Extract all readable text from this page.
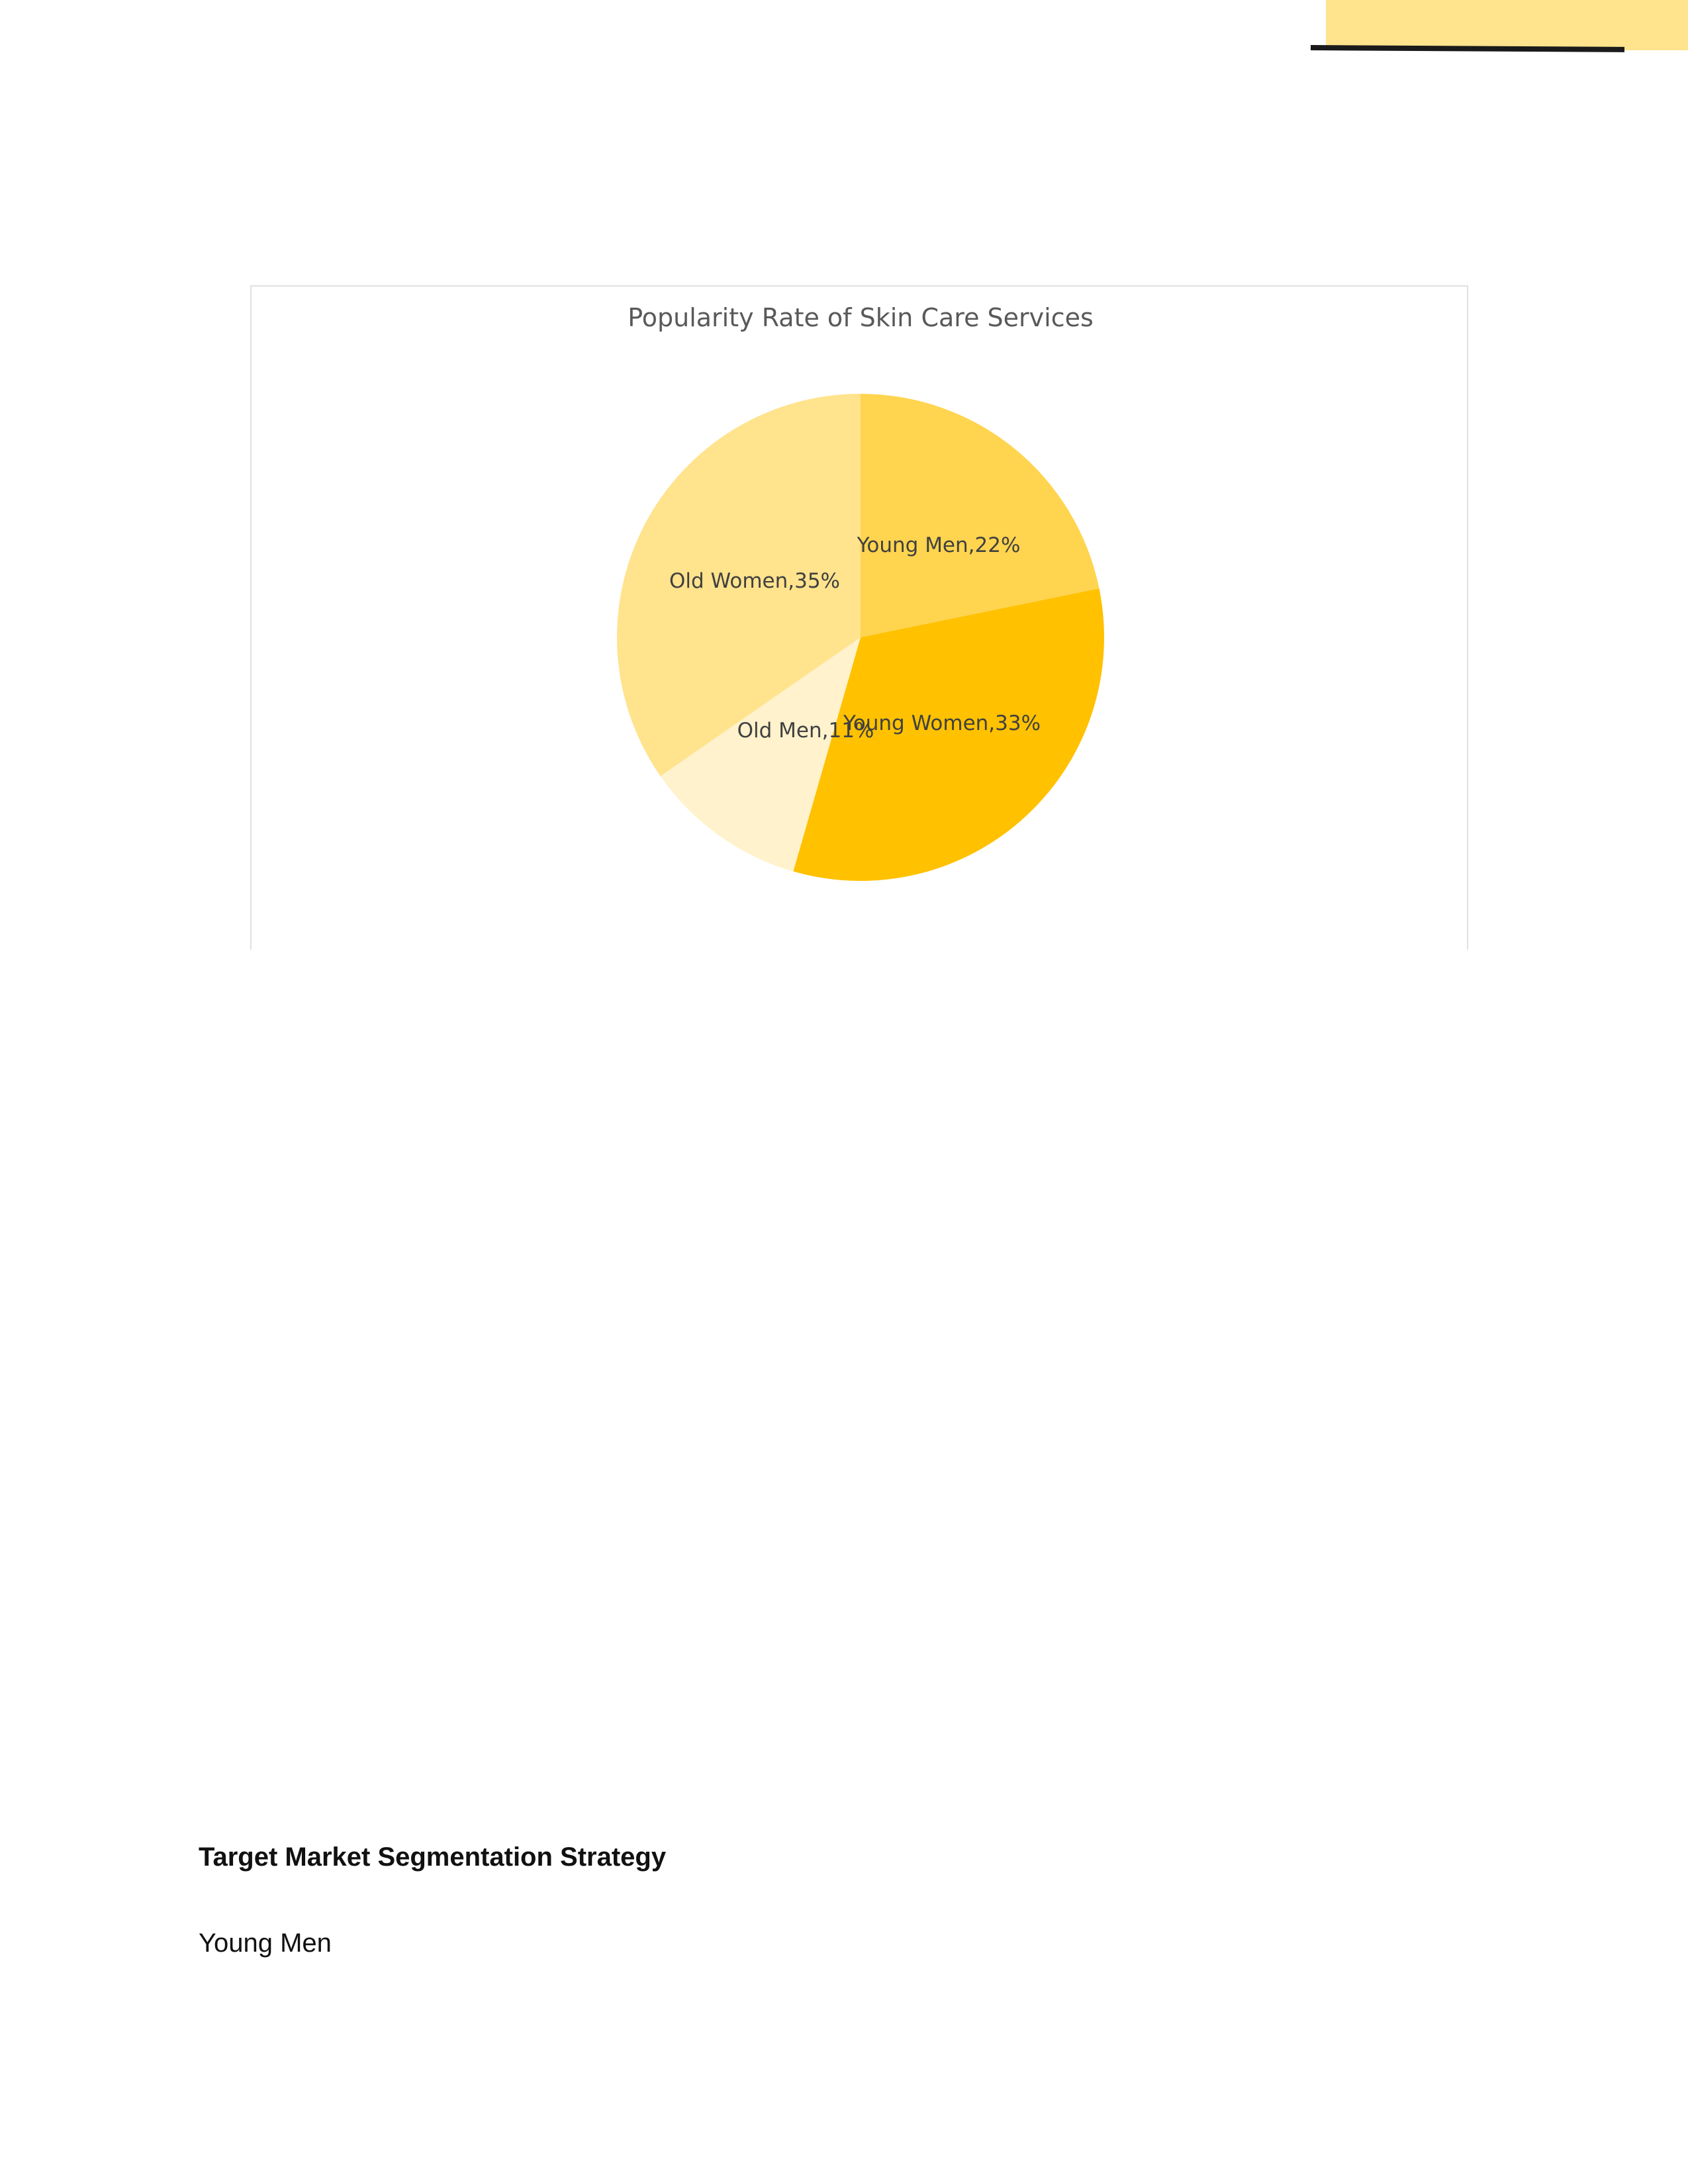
Popularity Rate of Skin Care Services
Young Men,22%
Young Women,33%
Old Men,11%
Old Women,35%
Target Market Segmentation Strategy
Young Men
